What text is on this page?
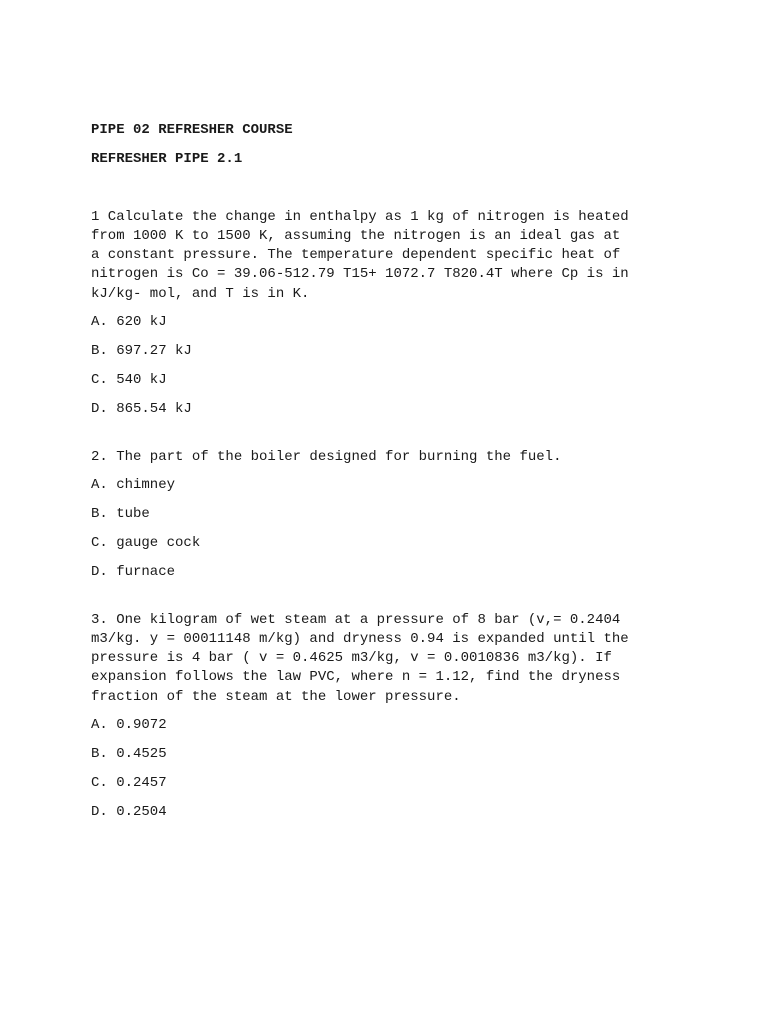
PIPE 02 REFRESHER COURSE

REFRESHER PIPE 2.1

1 Calculate the change in enthalpy as 1 kg of nitrogen is heated
from 1000 K to 1500 K, assuming the nitrogen is an ideal gas at
a constant pressure. The temperature dependent specific heat of
nitrogen is Co = 39.06-512.79 T15+ 1072.7 T820.4T where Cp is in
kJ/kg- mol, and T is in K.
A. 620 kJ
B. 697.27 kJ
C. 540 kJ
D. 865.54 kJ
2. The part of the boiler designed for burning the fuel.
A. chimney
B. tube
C. gauge cock
D. furnace
3. One kilogram of wet steam at a pressure of 8 bar (v,= 0.2404
m3/kg. y = 00011148 m/kg) and dryness 0.94 is expanded until the
pressure is 4 bar ( v = 0.4625 m3/kg, v = 0.0010836 m3/kg). If
expansion follows the law PVC, where n = 1.12, find the dryness
fraction of the steam at the lower pressure.
A. 0.9072
B. 0.4525
C. 0.2457
D. 0.2504
